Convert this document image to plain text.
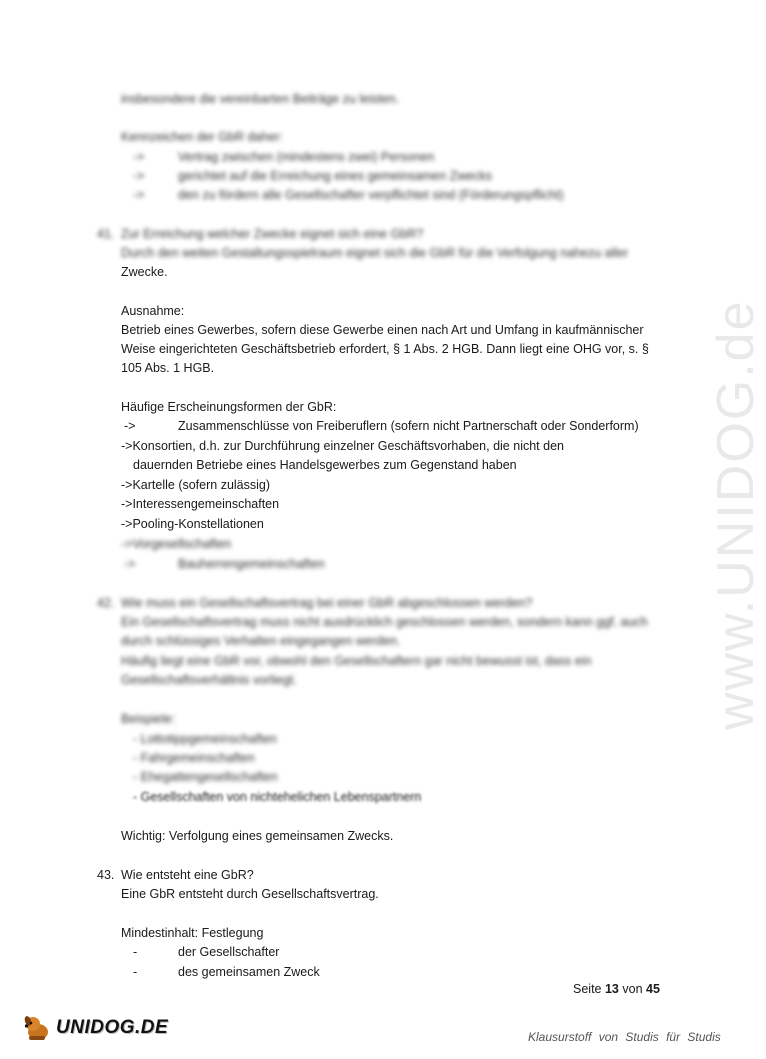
www.UNIDOG.de
insbesondere die vereinbarten Beiträge zu leisten.
Kennzeichen der GbR daher:
->	Vertrag zwischen (mindestens zwei) Personen
->	gerichtet auf die Erreichung eines gemeinsamen Zwecks
->	den zu fördern alle Gesellschafter verpflichtet sind (Förderungspflicht)
41. Zur Erreichung welcher Zwecke eignet sich eine GbR?
Durch den weiten Gestaltungsspielraum eignet sich die GbR für die Verfolgung nahezu aller
Zwecke.
Ausnahme:
Betrieb eines Gewerbes, sofern diese Gewerbe einen nach Art und Umfang in kaufmännischer
Weise eingerichteten Geschäftsbetrieb erfordert, § 1 Abs. 2 HGB. Dann liegt eine OHG vor, s. §
105 Abs. 1 HGB.
Häufige Erscheinungsformen der GbR:
->	Zusammenschlüsse von Freiberuflern (sofern nicht Partnerschaft oder Sonderform)
->Konsortien, d.h. zur Durchführung einzelner Geschäftsvorhaben, die nicht den
dauernden Betriebe eines Handelsgewerbes zum Gegenstand haben
->Kartelle (sofern zulässig)
->Interessengemeinschaften
->Pooling-Konstellationen
->Vorgesellschaften
->	Bauherrengemeinschaften
42. Wie muss ein Gesellschaftsvertrag bei einer GbR abgeschlossen werden?
Ein Gesellschaftsvertrag muss nicht ausdrücklich geschlossen werden, sondern kann ggf. auch
durch schlüssiges Verhalten eingegangen werden.
Häufig liegt eine GbR vor, obwohl den Gesellschaftern gar nicht bewusst ist, dass ein
Gesellschaftsverhältnis vorliegt.
Beispiele:
- Lottotippgemeinschaften
- Fahrgemeinschaften
- Ehegattengesellschaften
- Gesellschaften von nichtehelichen Lebenspartnern
Wichtig: Verfolgung eines gemeinsamen Zwecks.
43. Wie entsteht eine GbR?
Eine GbR entsteht durch Gesellschaftsvertrag.
Mindestinhalt: Festlegung
-	der Gesellschafter
-	des gemeinsamen Zweck
Seite 13 von 45
UNIDOG.DE	Klausurstoff von Studis für Studis
